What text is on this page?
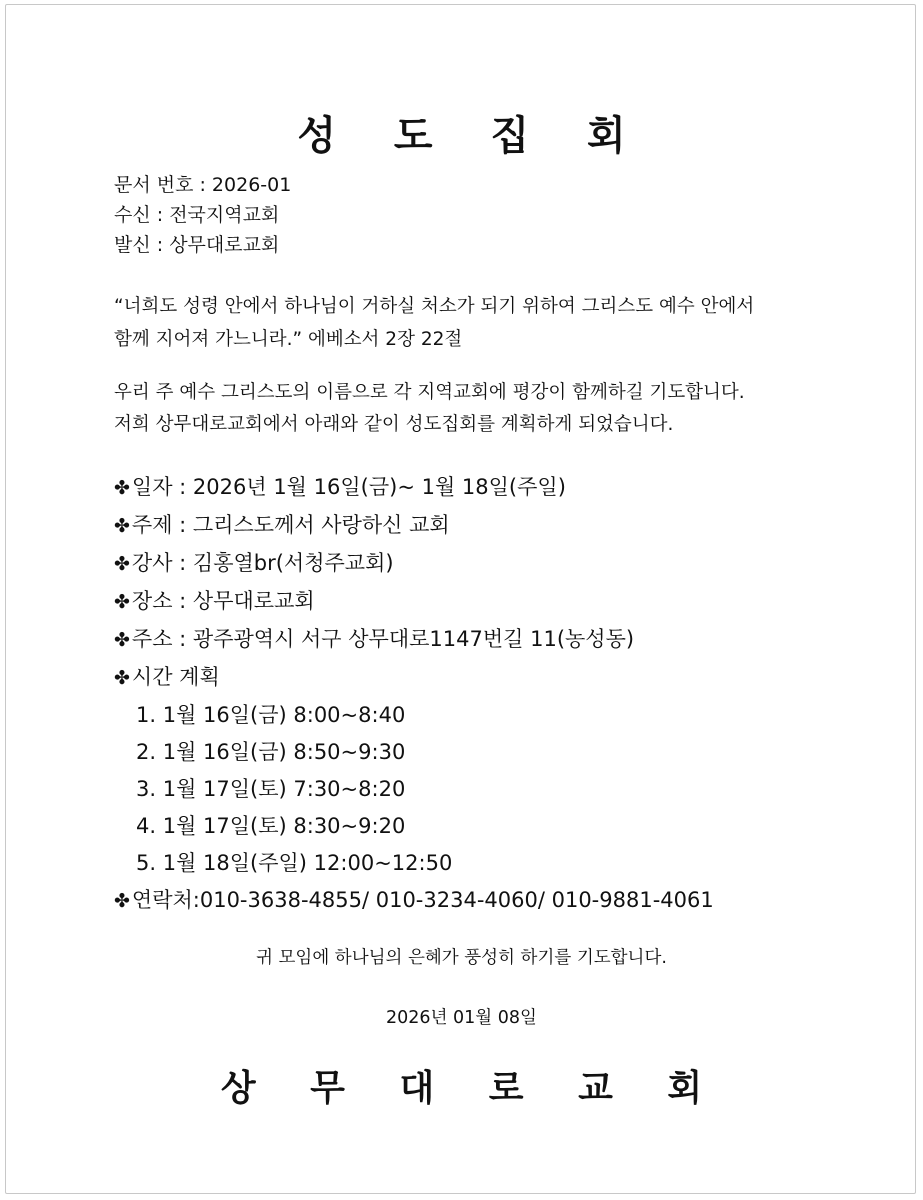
성 도 집 회
문서 번호 : 2026-01
수신 : 전국지역교회
발신 : 상무대로교회
“너희도 성령 안에서 하나님이 거하실 처소가 되기 위하여 그리스도 예수 안에서
함께 지어져 가느니라.” 에베소서 2장 22절
우리 주 예수 그리스도의 이름으로 각 지역교회에 평강이 함께하길 기도합니다.
저희 상무대로교회에서 아래와 같이 성도집회를 계획하게 되었습니다.
✤일자 : 2026년 1월 16일(금)~ 1월 18일(주일)
✤주제 : 그리스도께서 사랑하신 교회
✤강사 : 김홍열br(서청주교회)
✤장소 : 상무대로교회
✤주소 : 광주광역시 서구 상무대로1147번길 11(농성동)
✤시간 계획
1. 1월 16일(금) 8:00~8:40
2. 1월 16일(금) 8:50~9:30
3. 1월 17일(토) 7:30~8:20
4. 1월 17일(토) 8:30~9:20
5. 1월 18일(주일) 12:00~12:50
✤연락처:010-3638-4855/ 010-3234-4060/ 010-9881-4061
귀 모임에 하나님의 은혜가 풍성히 하기를 기도합니다.
2026년 01월 08일
상 무 대 로 교 회
